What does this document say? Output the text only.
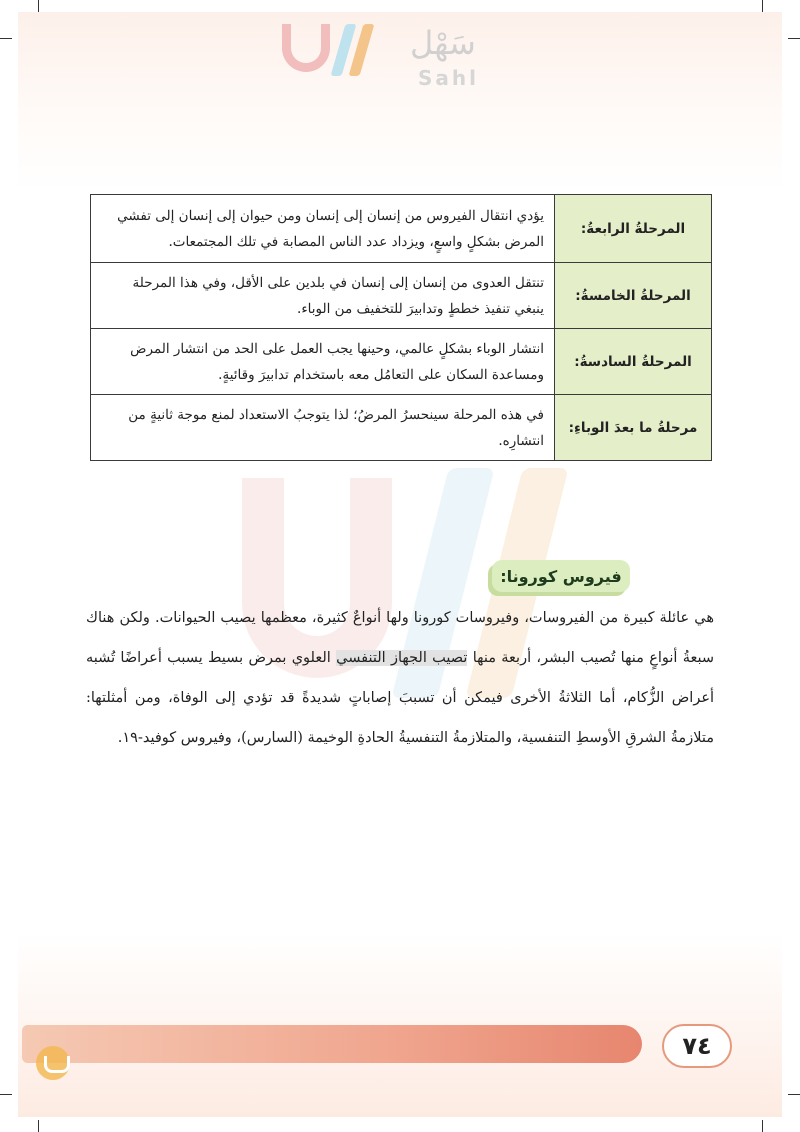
سَهْل
Sahl
المرحلةُ الرابعةُ:	يؤدي انتقال الفيروس من إنسان إلى إنسان ومن حيوان إلى إنسان إلى تفشي المرض بشكلٍ واسعٍ، ويزداد عدد الناس المصابة في تلك المجتمعات.
المرحلةُ الخامسةُ:	تنتقل العدوى من إنسان إلى إنسان في بلدين على الأقل، وفي هذا المرحلة ينبغي تنفيذ خططٍ وتدابيرَ للتخفيف من الوباء.
المرحلةُ السادسةُ:	انتشار الوباء بشكلٍ عالمي، وحينها يجب العمل على الحد من انتشار المرض ومساعدة السكان على التعامُل معه باستخدام تدابيرَ وقائيةٍ.
مرحلةُ ما بعدَ الوباءِ:	في هذه المرحلة سينحسرُ المرضُ؛ لذا يتوجبُ الاستعداد لمنع موجة ثانيةٍ من انتشارِه.
فيروس كورونا:
هي عائلة كبيرة من الفيروسات، وفيروسات كورونا ولها أنواعٌ كثيرة، معظمها يصيب الحيوانات. ولكن هناك سبعةُ أنواعٍ منها تُصيب البشر، أربعة منها تصيب الجهاز التنفسي العلوي بمرض بسيط يسبب أعراضًا تُشبه أعراض الزُّكام، أما الثلاثةُ الأخرى فيمكن أن تسببَ إصاباتٍ شديدةً قد تؤدي إلى الوفاة، ومن أمثلتها: متلازمةُ الشرقِ الأوسطِ التنفسية، والمتلازمةُ التنفسيةُ الحادةِ الوخيمة (السارس)، وفيروس كوفيد-١٩.
٧٤
